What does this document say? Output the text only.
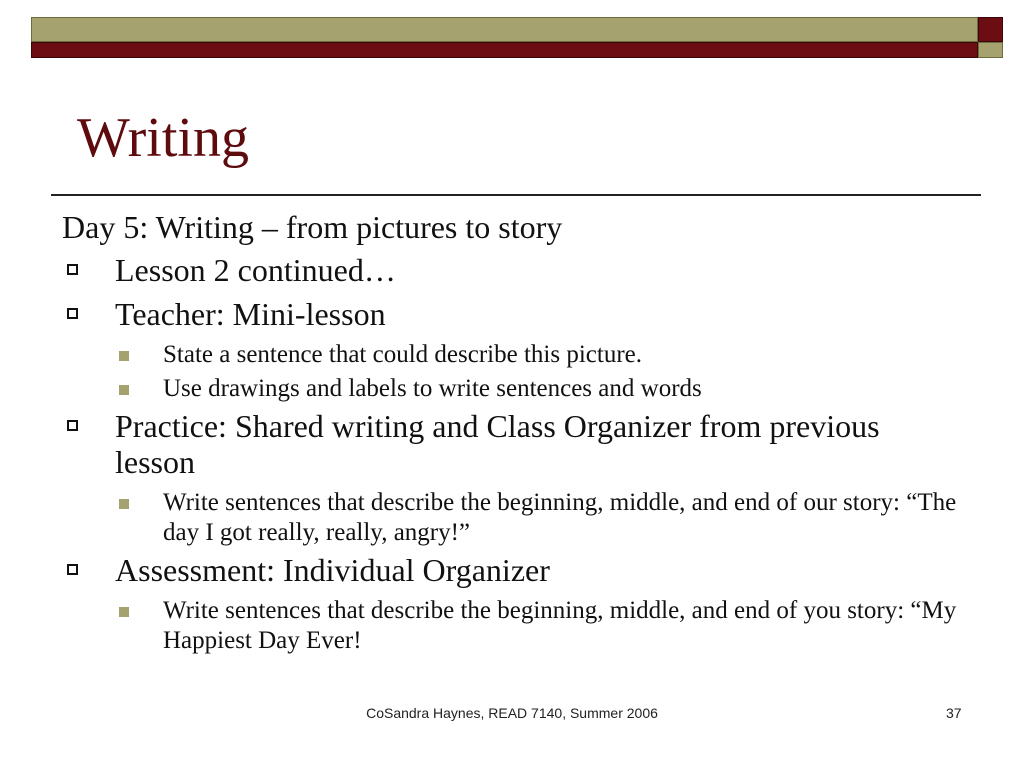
Writing
Day 5: Writing – from pictures to story
Lesson 2 continued…
Teacher: Mini-lesson
State a sentence that could describe this picture.
Use drawings and labels to write sentences and words
Practice: Shared writing and Class Organizer from previous lesson
Write sentences that describe the beginning, middle, and end of our story: “The day I got really, really, angry!”
Assessment: Individual Organizer
Write sentences that describe the beginning, middle, and end of you story: “My Happiest Day Ever!
CoSandra Haynes, READ 7140, Summer 2006	37
